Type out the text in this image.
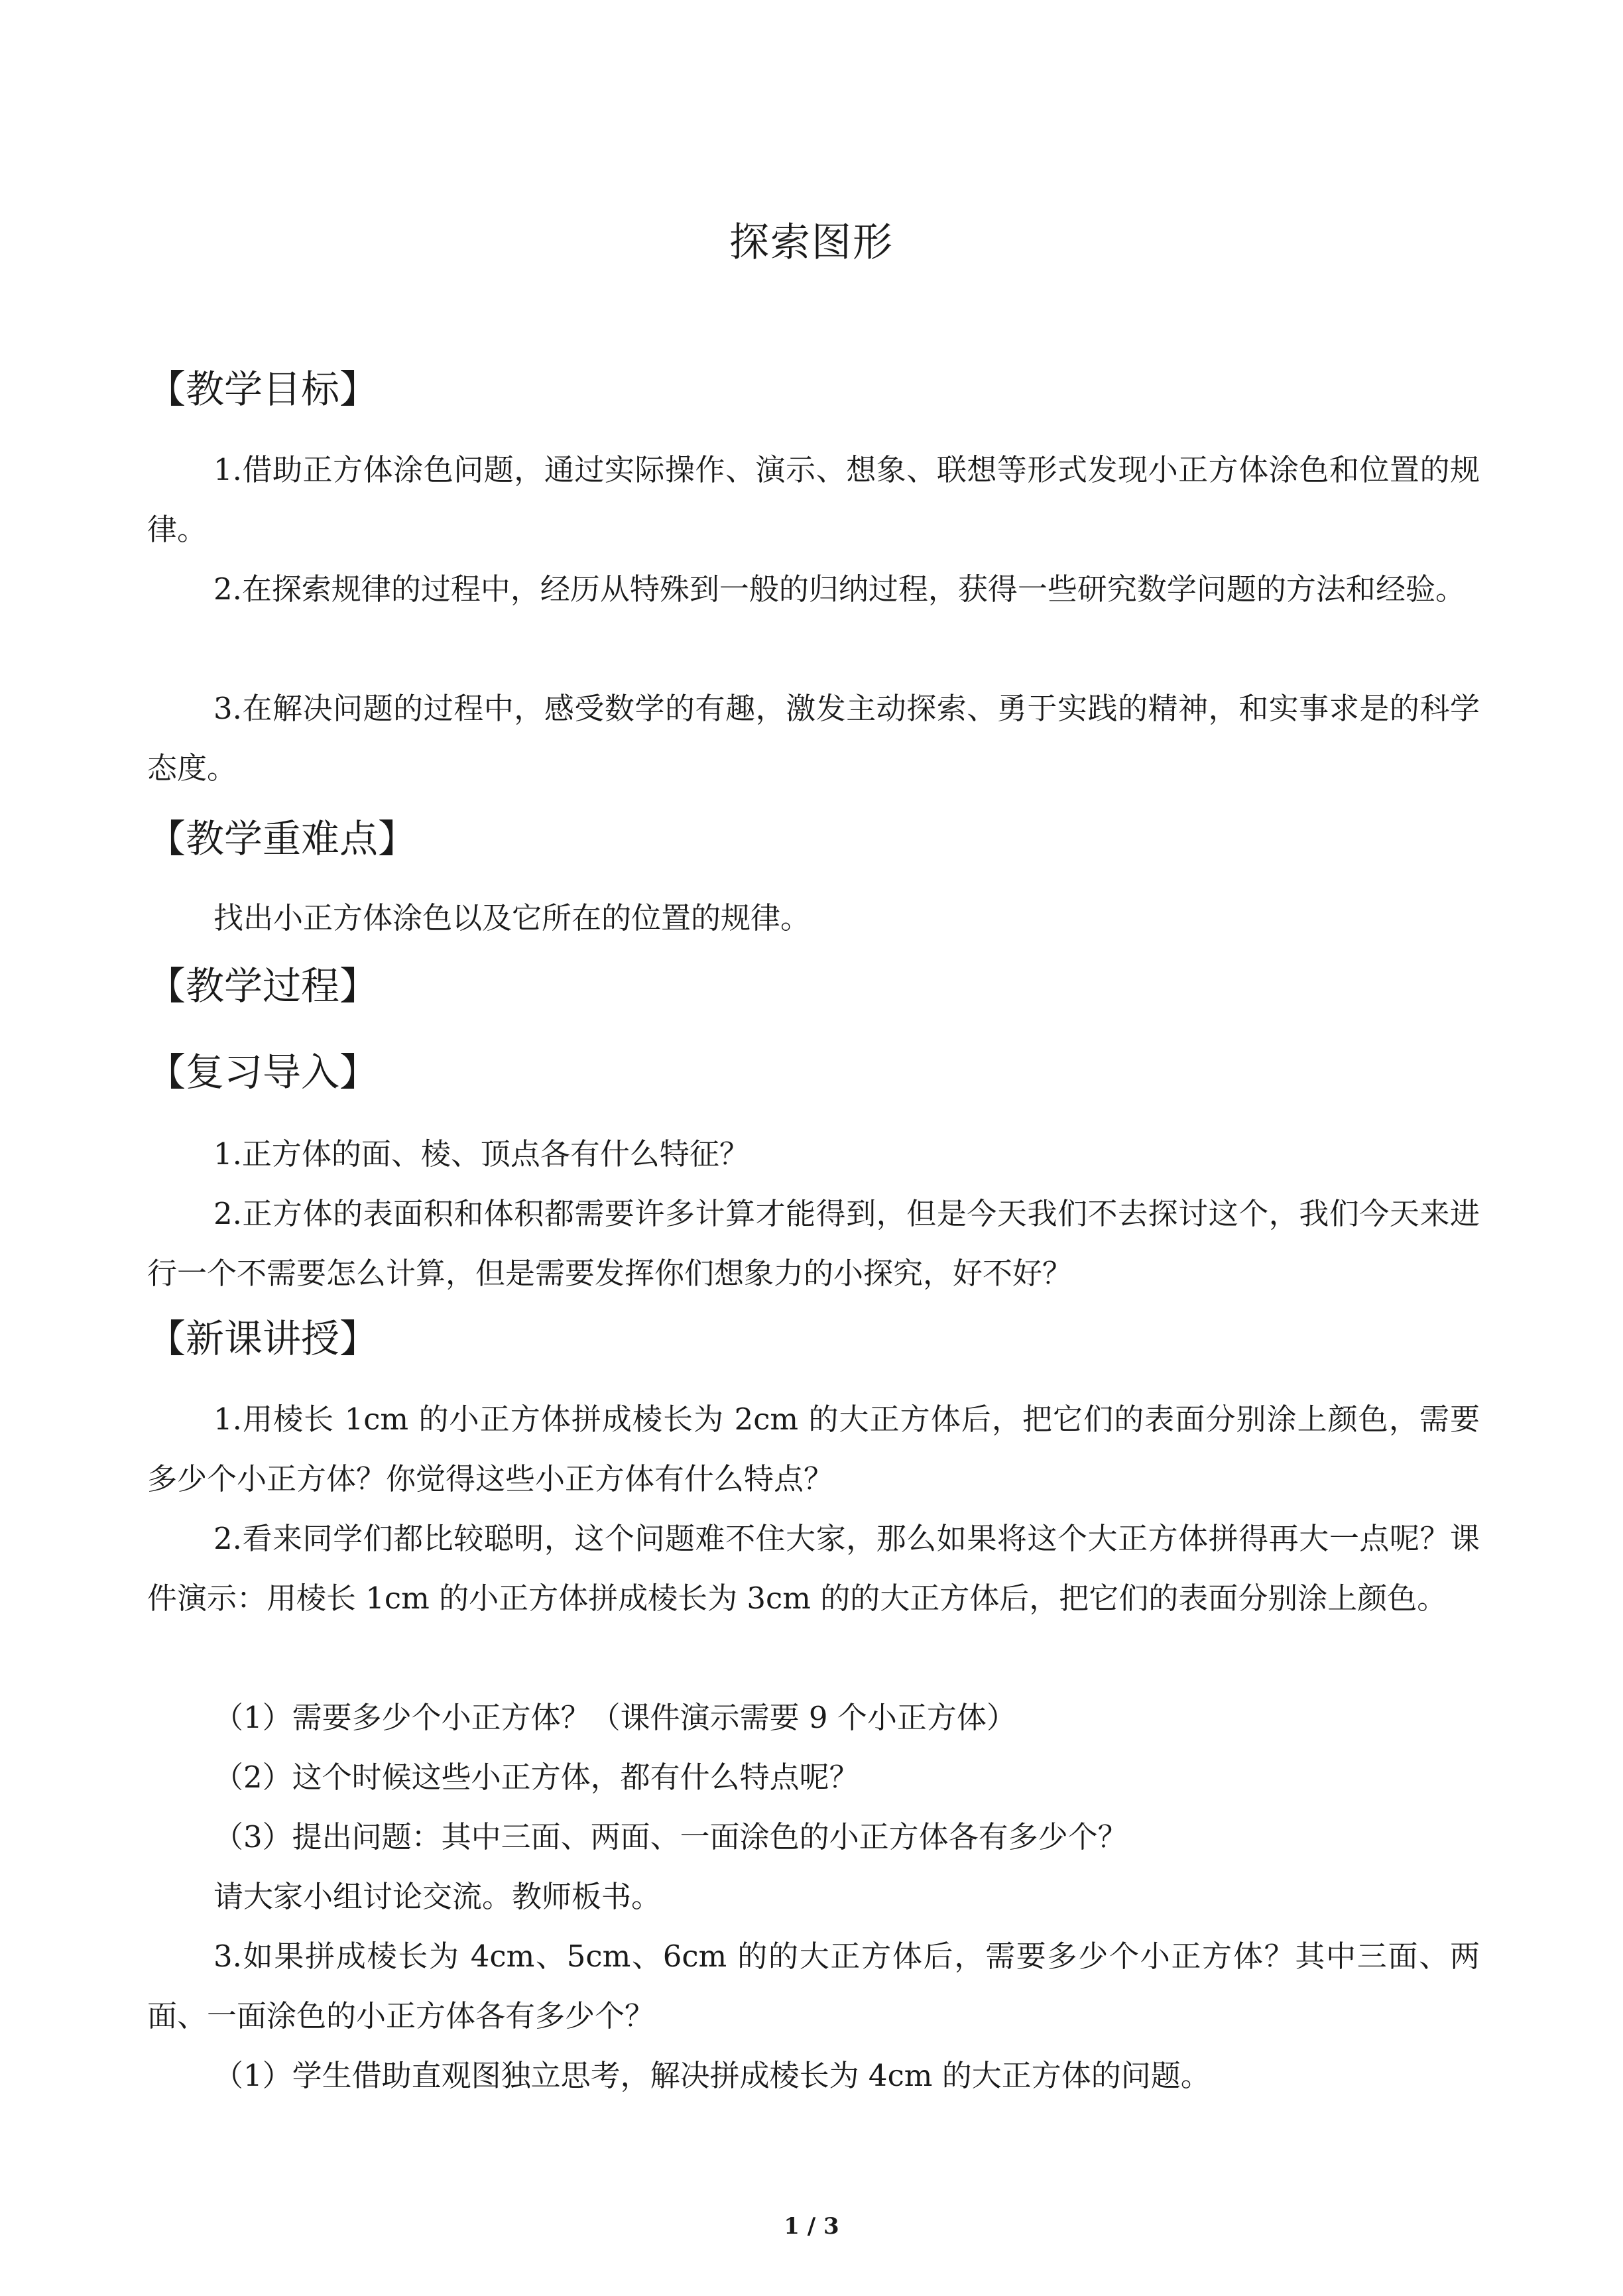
探索图形
【教学目标】
1.借助正方体涂色问题，通过实际操作、演示、想象、联想等形式发现小正方体涂色和位置的规律。
2.在探索规律的过程中，经历从特殊到一般的归纳过程，获得一些研究数学问题的方法和经验。
3.在解决问题的过程中，感受数学的有趣，激发主动探索、勇于实践的精神，和实事求是的科学态度。
【教学重难点】
找出小正方体涂色以及它所在的位置的规律。
【教学过程】
【复习导入】
1.正方体的面、棱、顶点各有什么特征？
2.正方体的表面积和体积都需要许多计算才能得到，但是今天我们不去探讨这个，我们今天来进行一个不需要怎么计算，但是需要发挥你们想象力的小探究，好不好？
【新课讲授】
1.用棱长 1cm 的小正方体拼成棱长为 2cm 的大正方体后，把它们的表面分别涂上颜色，需要多少个小正方体？你觉得这些小正方体有什么特点？
2.看来同学们都比较聪明，这个问题难不住大家，那么如果将这个大正方体拼得再大一点呢？课件演示：用棱长 1cm 的小正方体拼成棱长为 3cm 的的大正方体后，把它们的表面分别涂上颜色。
（1）需要多少个小正方体？（课件演示需要 9 个小正方体）
（2）这个时候这些小正方体，都有什么特点呢？
（3）提出问题：其中三面、两面、一面涂色的小正方体各有多少个？
请大家小组讨论交流。教师板书。
3.如果拼成棱长为 4cm、5cm、6cm 的的大正方体后，需要多少个小正方体？其中三面、两面、一面涂色的小正方体各有多少个？
（1）学生借助直观图独立思考，解决拼成棱长为 4cm 的大正方体的问题。
1 / 3
